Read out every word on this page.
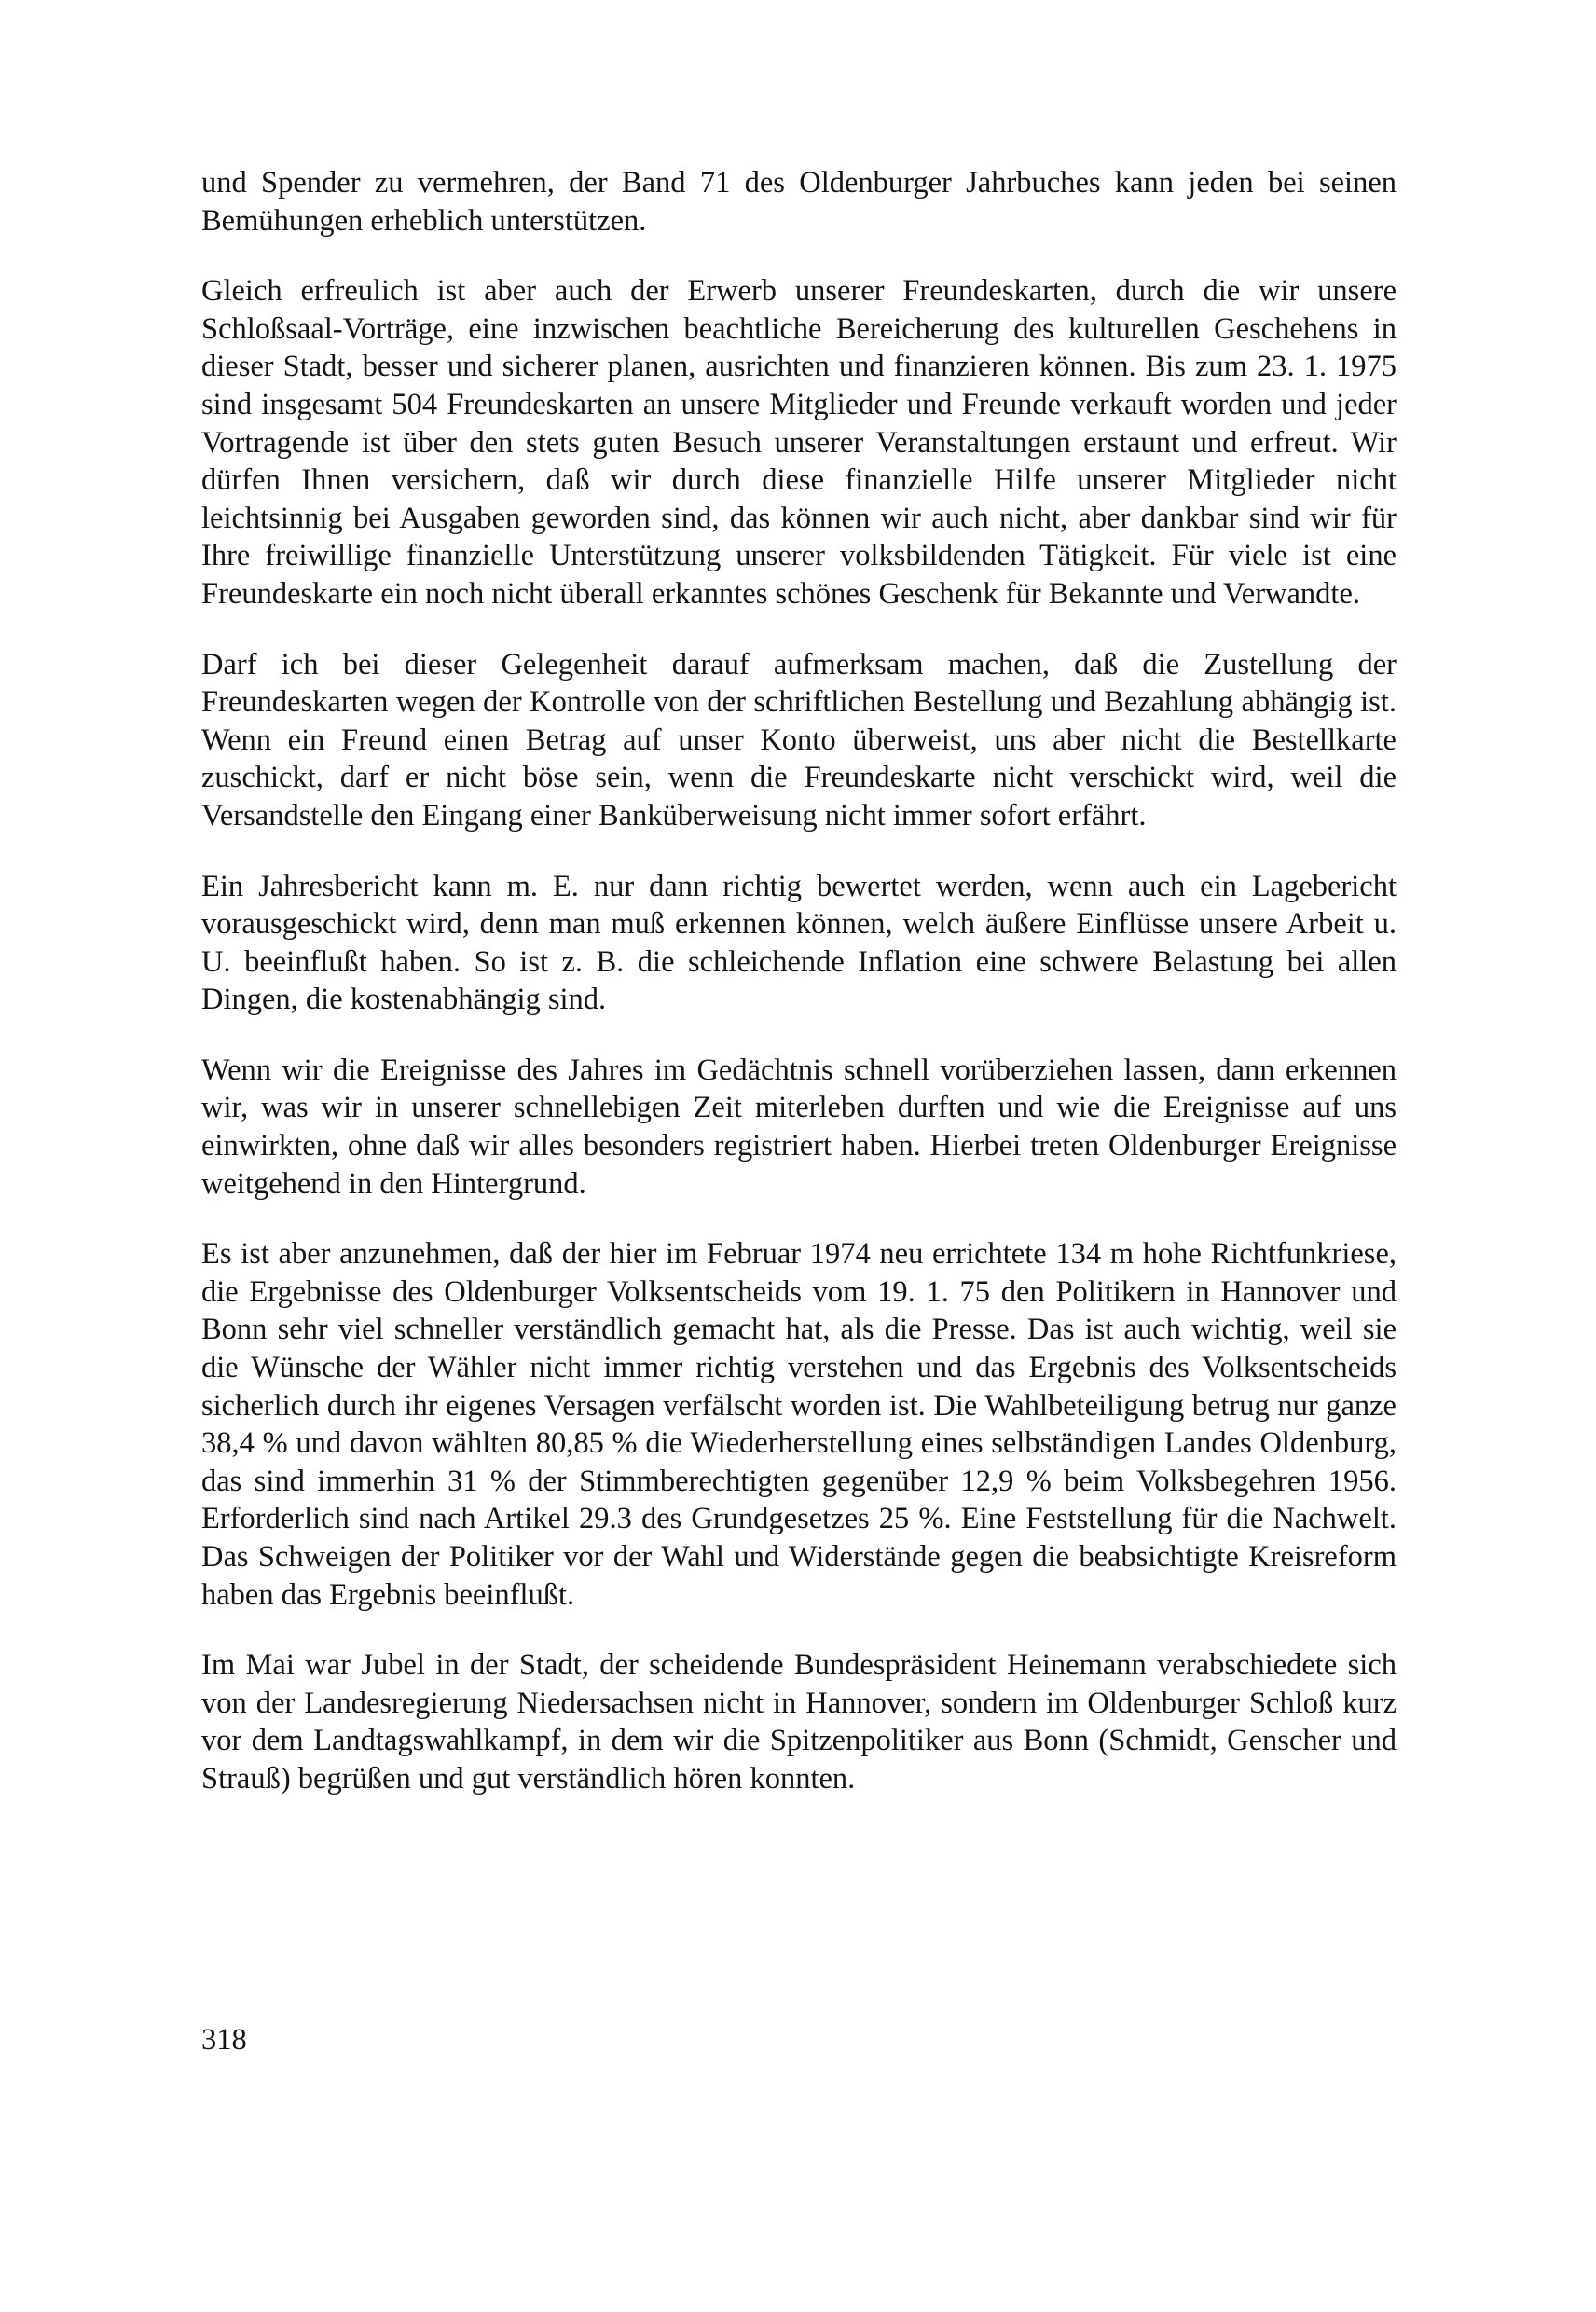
und Spender zu vermehren, der Band 71 des Oldenburger Jahrbuches kann jeden bei seinen Bemühungen erheblich unterstützen.

Gleich erfreulich ist aber auch der Erwerb unserer Freundeskarten, durch die wir unsere Schloßsaal-Vorträge, eine inzwischen beachtliche Bereicherung des kulturellen Geschehens in dieser Stadt, besser und sicherer planen, ausrichten und finanzieren können. Bis zum 23. 1. 1975 sind insgesamt 504 Freundeskarten an unsere Mitglieder und Freunde verkauft worden und jeder Vortragende ist über den stets guten Besuch unserer Veranstaltungen erstaunt und erfreut. Wir dürfen Ihnen versichern, daß wir durch diese finanzielle Hilfe unserer Mitglieder nicht leichtsinnig bei Ausgaben geworden sind, das können wir auch nicht, aber dankbar sind wir für Ihre freiwillige finanzielle Unterstützung unserer volksbildenden Tätigkeit. Für viele ist eine Freundeskarte ein noch nicht überall erkanntes schönes Geschenk für Bekannte und Verwandte.

Darf ich bei dieser Gelegenheit darauf aufmerksam machen, daß die Zustellung der Freundeskarten wegen der Kontrolle von der schriftlichen Bestellung und Bezahlung abhängig ist. Wenn ein Freund einen Betrag auf unser Konto überweist, uns aber nicht die Bestellkarte zuschickt, darf er nicht böse sein, wenn die Freundeskarte nicht verschickt wird, weil die Versandstelle den Eingang einer Banküberweisung nicht immer sofort erfährt.

Ein Jahresbericht kann m. E. nur dann richtig bewertet werden, wenn auch ein Lagebericht vorausgeschickt wird, denn man muß erkennen können, welch äußere Einflüsse unsere Arbeit u. U. beeinflußt haben. So ist z. B. die schleichende Inflation eine schwere Belastung bei allen Dingen, die kostenabhängig sind.

Wenn wir die Ereignisse des Jahres im Gedächtnis schnell vorüberziehen lassen, dann erkennen wir, was wir in unserer schnellebigen Zeit miterleben durften und wie die Ereignisse auf uns einwirkten, ohne daß wir alles besonders registriert haben. Hierbei treten Oldenburger Ereignisse weitgehend in den Hintergrund.

Es ist aber anzunehmen, daß der hier im Februar 1974 neu errichtete 134 m hohe Richtfunkriese, die Ergebnisse des Oldenburger Volksentscheids vom 19. 1. 75 den Politikern in Hannover und Bonn sehr viel schneller verständlich gemacht hat, als die Presse. Das ist auch wichtig, weil sie die Wünsche der Wähler nicht immer richtig verstehen und das Ergebnis des Volksentscheids sicherlich durch ihr eigenes Versagen verfälscht worden ist. Die Wahlbeteiligung betrug nur ganze 38,4 % und davon wählten 80,85 % die Wiederherstellung eines selbständigen Landes Oldenburg, das sind immerhin 31 % der Stimmberechtigten gegenüber 12,9 % beim Volksbegehren 1956. Erforderlich sind nach Artikel 29.3 des Grundgesetzes 25 %. Eine Feststellung für die Nachwelt. Das Schweigen der Politiker vor der Wahl und Widerstände gegen die beabsichtigte Kreisreform haben das Ergebnis beeinflußt.

Im Mai war Jubel in der Stadt, der scheidende Bundespräsident Heinemann verabschiedete sich von der Landesregierung Niedersachsen nicht in Hannover, sondern im Oldenburger Schloß kurz vor dem Landtagswahlkampf, in dem wir die Spitzenpolitiker aus Bonn (Schmidt, Genscher und Strauß) begrüßen und gut verständlich hören konnten.

318
